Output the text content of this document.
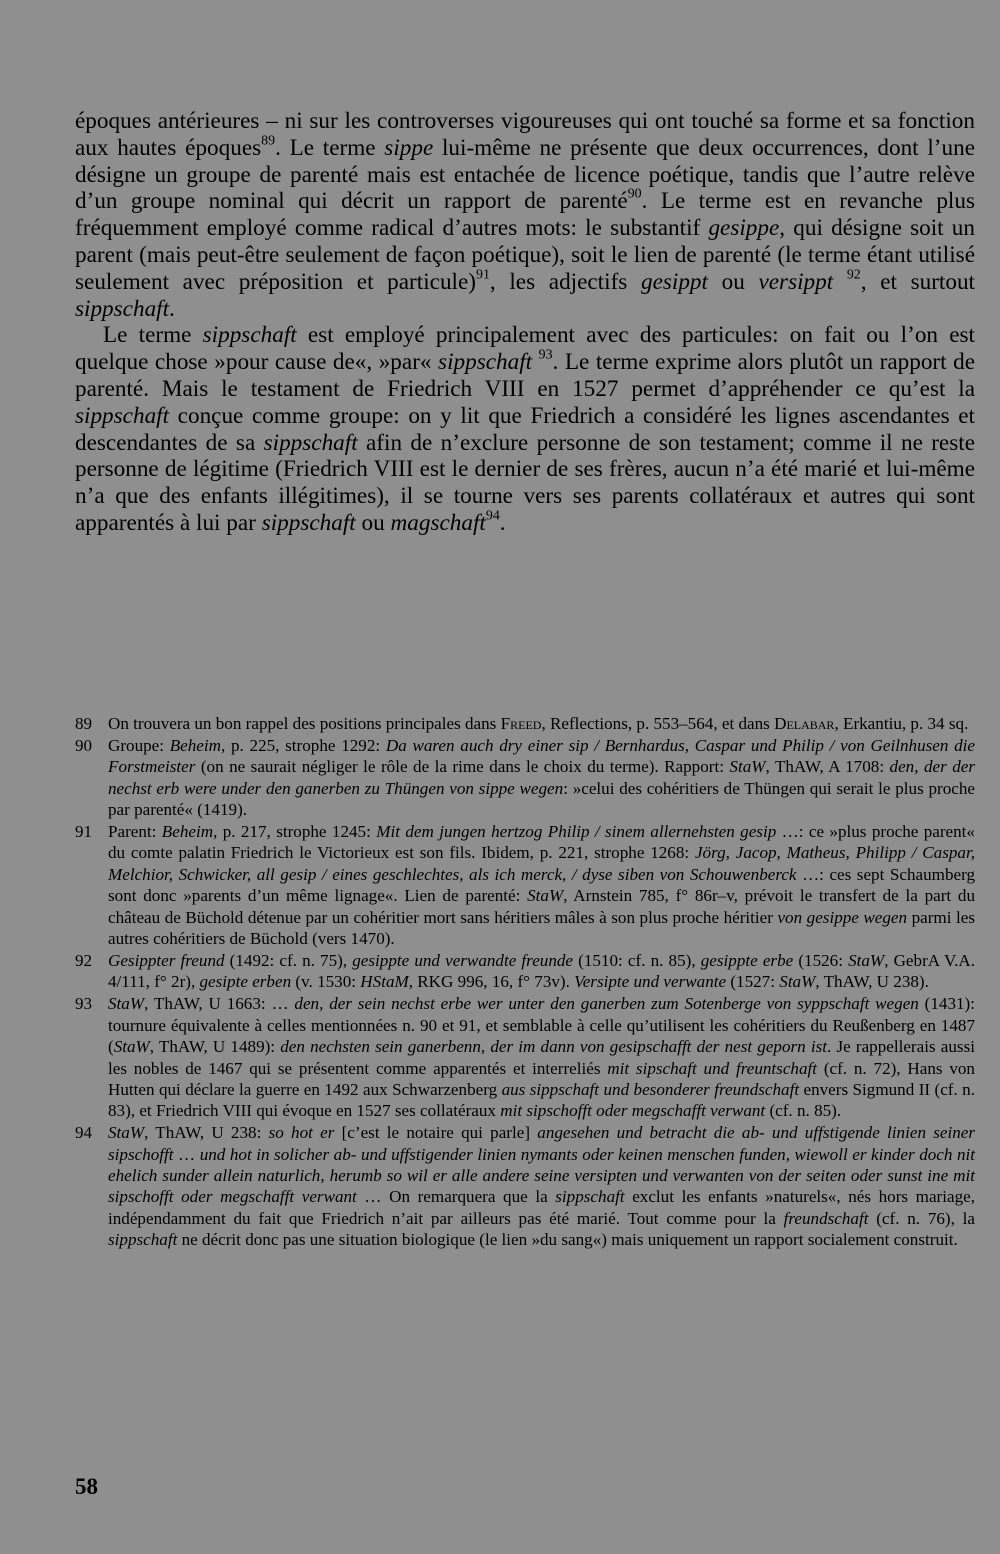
époques antérieures – ni sur les controverses vigoureuses qui ont touché sa forme et sa fonction aux hautes époques$^{89}$. Le terme sippe lui-même ne présente que deux occurrences, dont l’une désigne un groupe de parenté mais est entachée de licence poétique, tandis que l’autre relève d’un groupe nominal qui décrit un rapport de parenté$^{90}$. Le terme est en revanche plus fréquemment employé comme radical d’autres mots: le substantif gesippe, qui désigne soit un parent (mais peut-être seulement de façon poétique), soit le lien de parenté (le terme étant utilisé seulement avec préposition et particule)$^{91}$, les adjectifs gesippt ou versippt $^{92}$, et surtout sippschaft.

Le terme sippschaft est employé principalement avec des particules: on fait ou l’on est quelque chose »pour cause de«, »par« sippschaft $^{93}$. Le terme exprime alors plutôt un rapport de parenté. Mais le testament de Friedrich VIII en 1527 permet d’appréhender ce qu’est la sippschaft conçue comme groupe: on y lit que Friedrich a considéré les lignes ascendantes et descendantes de sa sippschaft afin de n’exclure personne de son testament; comme il ne reste personne de légitime (Friedrich VIII est le dernier de ses frères, aucun n’a été marié et lui-même n’a que des enfants illégitimes), il se tourne vers ses parents collatéraux et autres qui sont apparentés à lui par sippschaft ou magschaft$^{94}$.

89 On trouvera un bon rappel des positions principales dans Freed, Reflections, p. 553–564, et dans Delabar, Erkantiu, p. 34 sq.
90 Groupe: Beheim, p. 225, strophe 1292: Da waren auch dry einer sip / Bernhardus, Caspar und Philip / von Geilnhusen die Forstmeister (on ne saurait négliger le rôle de la rime dans le choix du terme). Rapport: StaW, ThAW, A 1708: den, der der nechst erb were under den ganerben zu Thüngen von sippe wegen: »celui des cohéritiers de Thüngen qui serait le plus proche par parenté« (1419).
91 Parent: Beheim, p. 217, strophe 1245: Mit dem jungen hertzog Philip / sinem allernehsten gesip …: ce »plus proche parent« du comte palatin Friedrich le Victorieux est son fils. Ibidem, p. 221, strophe 1268: Jörg, Jacop, Matheus, Philipp / Caspar, Melchior, Schwicker, all gesip / eines geschlechtes, als ich merck, / dyse siben von Schouwenberck …: ces sept Schaumberg sont donc »parents d’un même lignage«. Lien de parenté: StaW, Arnstein 785, f° 86r–v, prévoit le transfert de la part du château de Büchold détenue par un cohéritier mort sans héritiers mâles à son plus proche héritier von gesippe wegen parmi les autres cohéritiers de Büchold (vers 1470).
92 Gesippter freund (1492: cf. n. 75), gesippte und verwandte freunde (1510: cf. n. 85), gesippte erbe (1526: StaW, GebrA V.A. 4/111, f° 2r), gesipte erben (v. 1530: HStaM, RKG 996, 16, f° 73v). Versipte und verwante (1527: StaW, ThAW, U 238).
93 StaW, ThAW, U 1663: … den, der sein nechst erbe wer unter den ganerben zum Sotenberge von syppschaft wegen (1431): tournure équivalente à celles mentionnées n. 90 et 91, et semblable à celle qu’utilisent les cohéritiers du Reußenberg en 1487 (StaW, ThAW, U 1489): den nechsten sein ganerbenn, der im dann von gesipschafft der nest geporn ist. Je rappellerais aussi les nobles de 1467 qui se présentent comme apparentés et interreliés mit sipschaft und freuntschaft (cf. n. 72), Hans von Hutten qui déclare la guerre en 1492 aux Schwarzenberg aus sippschaft und besonderer freundschaft envers Sigmund II (cf. n. 83), et Friedrich VIII qui évoque en 1527 ses collatéraux mit sipschofft oder megschafft verwant (cf. n. 85).
94 StaW, ThAW, U 238: so hot er [c’est le notaire qui parle] angesehen und betracht die ab- und uffstigende linien seiner sipschofft … und hot in solicher ab- und uffstigender linien nymants oder keinen menschen funden, wiewoll er kinder doch nit ehelich sunder allein naturlich, herumb so wil er alle andere seine versipten und verwanten von der seiten oder sunst ine mit sipschofft oder megschafft verwant … On remarquera que la sippschaft exclut les enfants »naturels«, nés hors mariage, indépendamment du fait que Friedrich n’ait par ailleurs pas été marié. Tout comme pour la freundschaft (cf. n. 76), la sippschaft ne décrit donc pas une situation biologique (le lien »du sang«) mais uniquement un rapport socialement construit.
58
